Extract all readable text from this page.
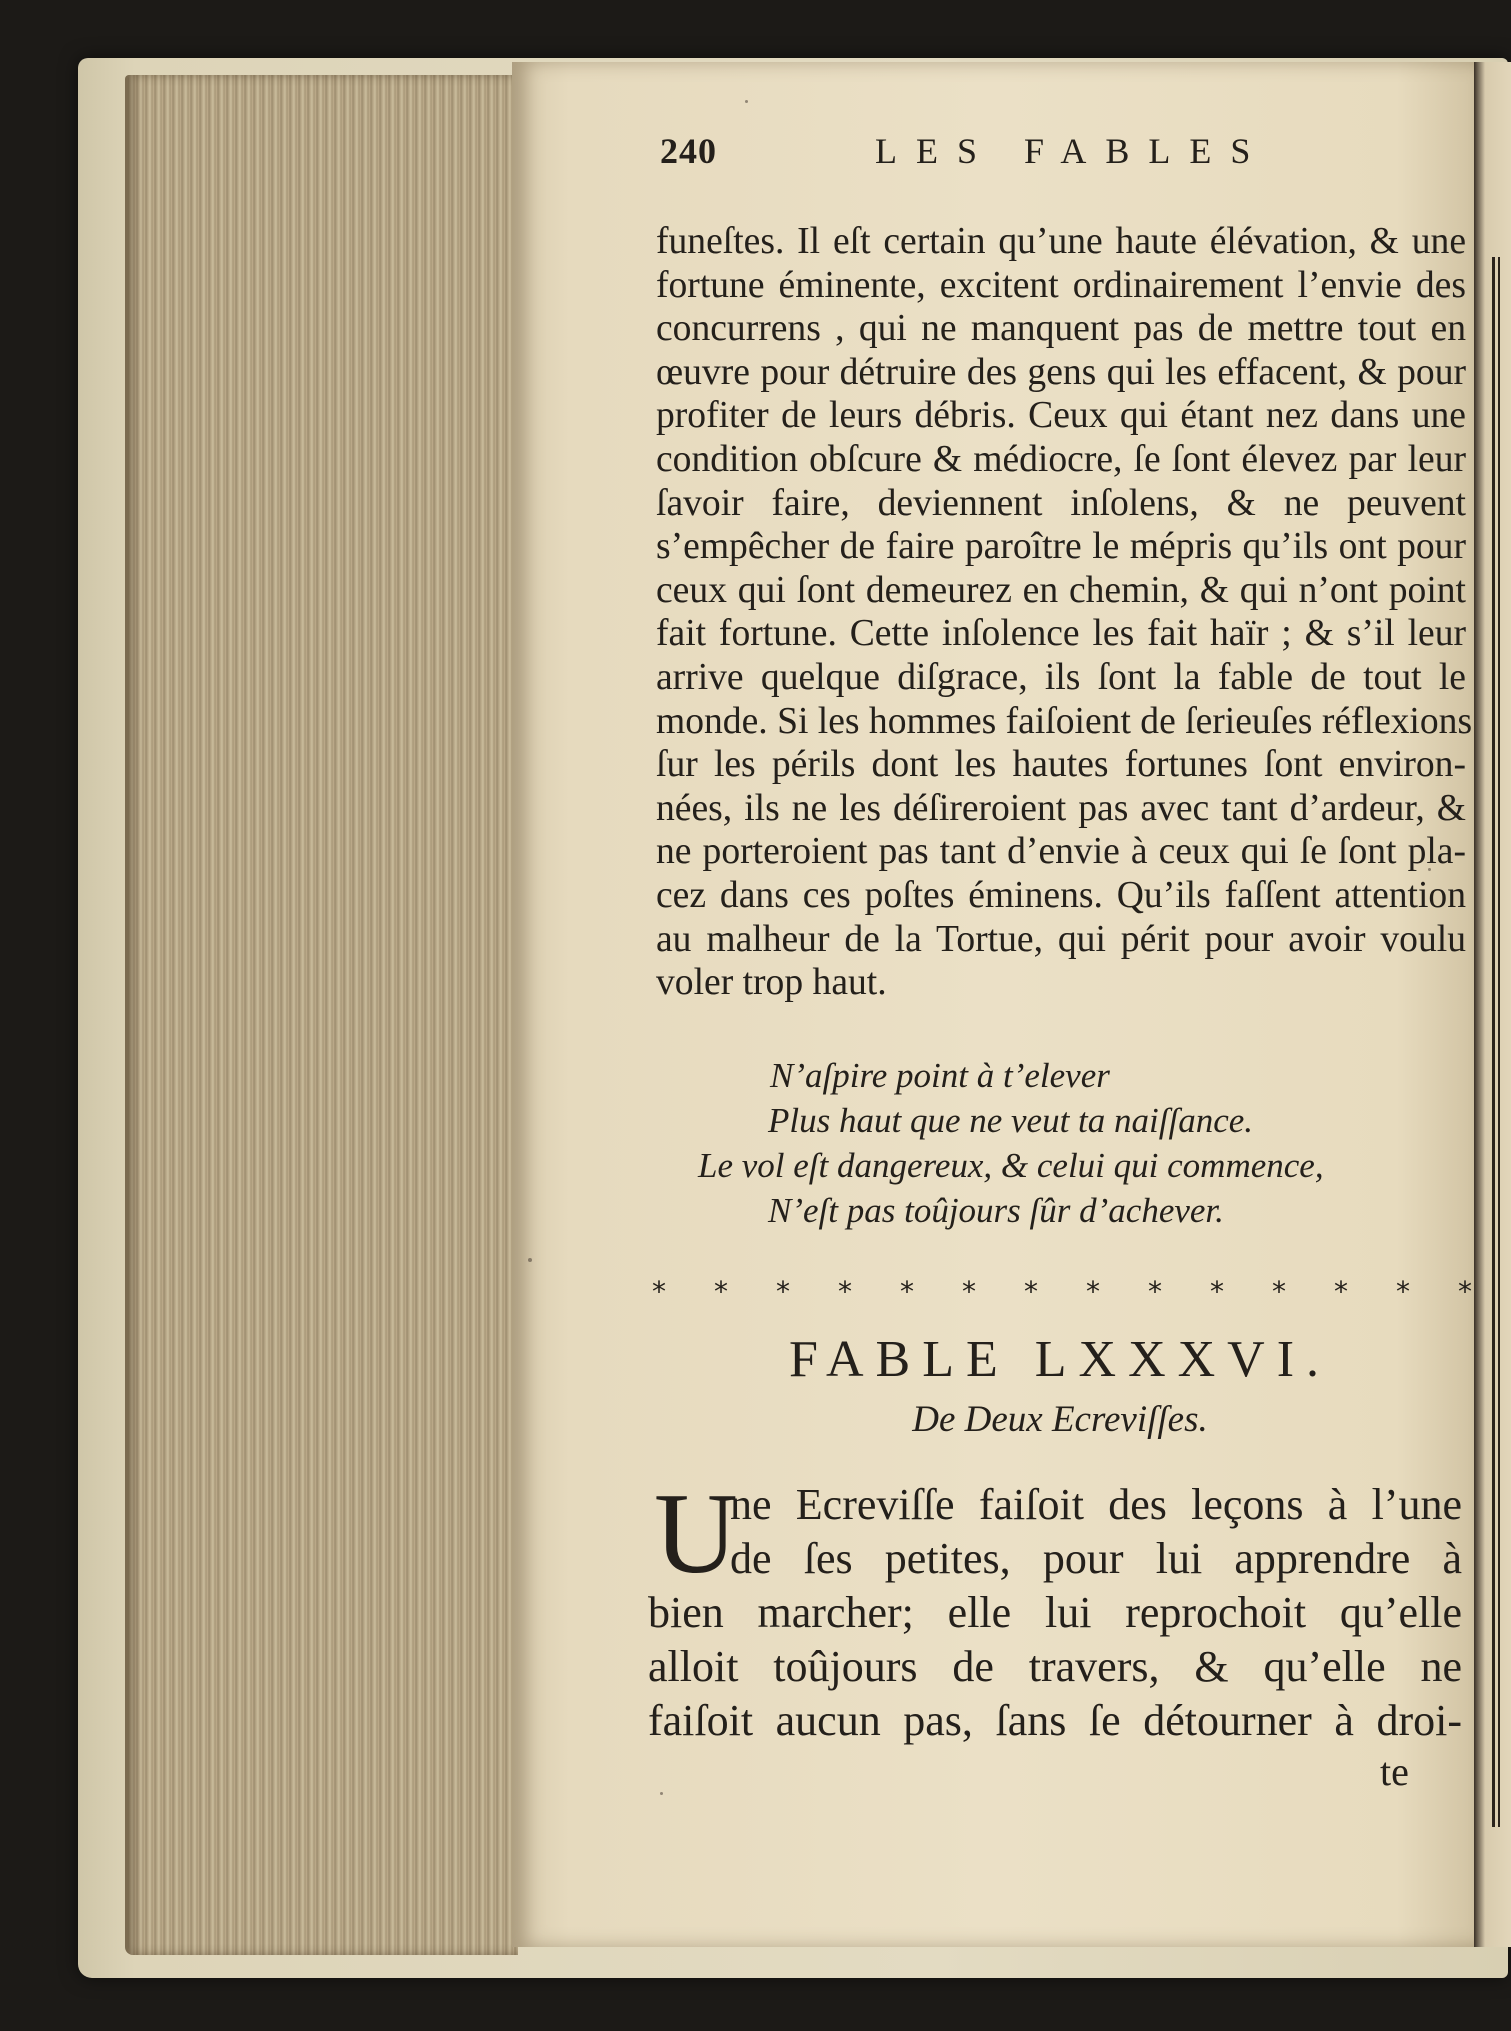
240	LES FABLES
funeſtes. Il eſt certain qu’une haute élévation, & une
fortune éminente, excitent ordinairement l’envie des
concurrens , qui ne manquent pas de mettre tout en
œuvre pour détruire des gens qui les effacent, & pour
profiter de leurs débris. Ceux qui étant nez dans une
condition obſcure & médiocre, ſe ſont élevez par leur
ſavoir faire, deviennent inſolens, & ne peuvent
s’empêcher de faire paroître le mépris qu’ils ont pour
ceux qui ſont demeurez en chemin, & qui n’ont point
fait fortune. Cette inſolence les fait haïr ; & s’il leur
arrive quelque diſgrace, ils ſont la fable de tout le
monde. Si les hommes faiſoient de ſerieuſes réflexions
ſur les périls dont les hautes fortunes ſont environ-
nées, ils ne les déſireroient pas avec tant d’ardeur, &
ne porteroient pas tant d’envie à ceux qui ſe ſont pla-
cez dans ces poſtes éminens. Qu’ils faſſent attention
au malheur de la Tortue, qui périt pour avoir voulu
voler trop haut.
N’aſpire point à t’elever
Plus haut que ne veut ta naiſſance.
Le vol eſt dangereux, & celui qui commence,
N’eſt pas toûjours ſûr d’achever.
* * * * * * * * * * * * * *
FABLE LXXXVI.
De Deux Ecreviſſes.
U
ne Ecreviſſe faiſoit des leçons à l’une
de ſes petites, pour lui apprendre à
bien marcher; elle lui reprochoit qu’elle
alloit toûjours de travers, & qu’elle ne
faiſoit aucun pas, ſans ſe détourner à droi-
te
